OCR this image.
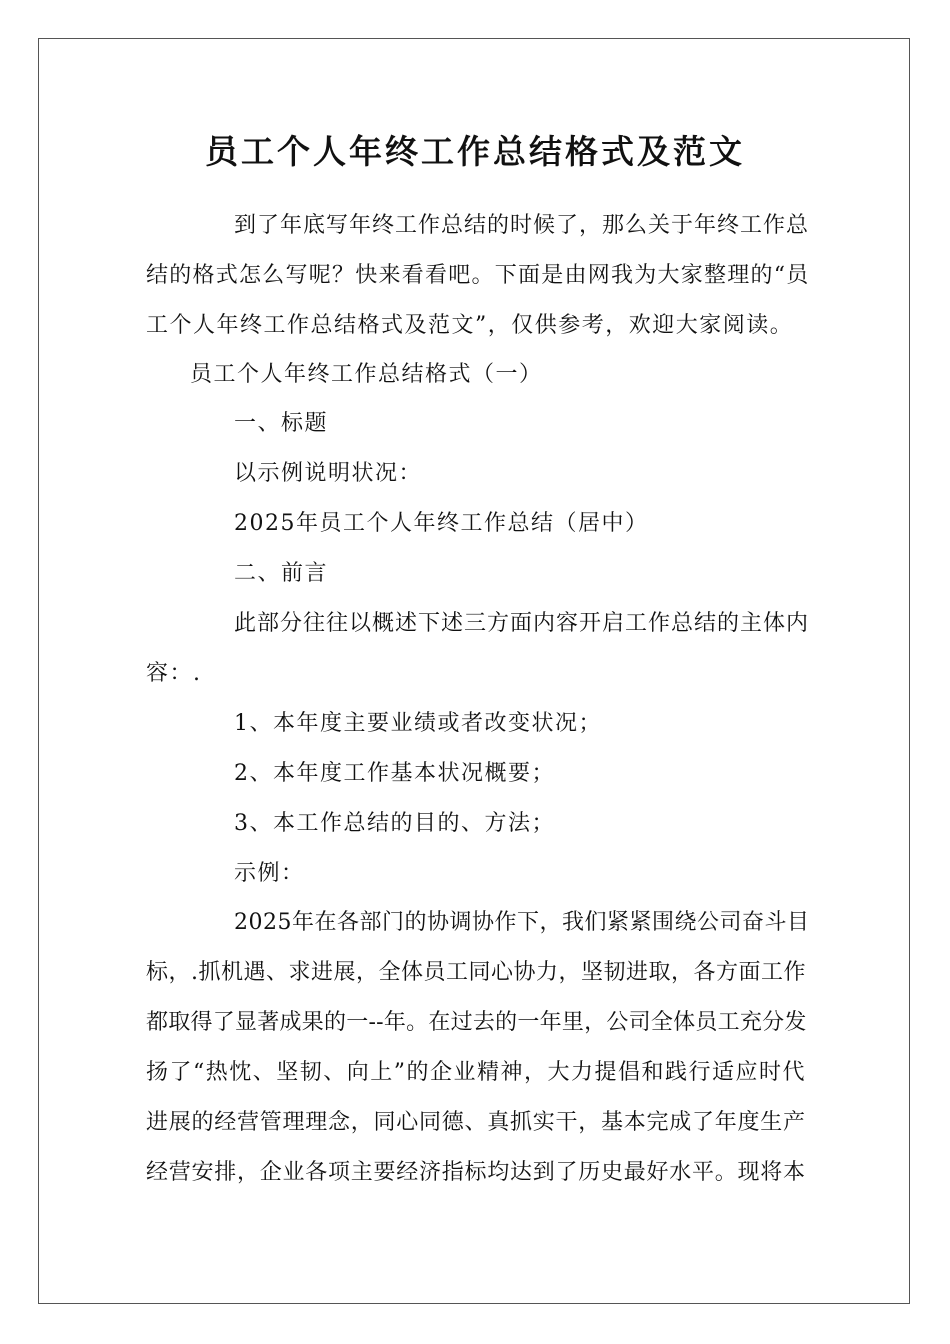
员工个人年终工作总结格式及范文

到了年底写年终工作总结的时候了，那么关于年终工作总

结的格式怎么写呢？快来看看吧。下面是由网我为大家整理的“员

工个人年终工作总结格式及范文”，仅供参考，欢迎大家阅读。

员工个人年终工作总结格式（一）

一、标题

以示例说明状况：

2025年员工个人年终工作总结（居中）

二、前言

此部分往往以概述下述三方面内容开启工作总结的主体内

容：.

1、本年度主要业绩或者改变状况；

2、本年度工作基本状况概要；

3、本工作总结的目的、方法；

示例：

2025年在各部门的协调协作下，我们紧紧围绕公司奋斗目

标，.抓机遇、求进展，全体员工同心协力，坚韧进取，各方面工作

都取得了显著成果的一--年。在过去的一年里，公司全体员工充分发

扬了“热忱、坚韧、向上”的企业精神，大力提倡和践行适应时代

进展的经营管理理念，同心同德、真抓实干，基本完成了年度生产

经营安排，企业各项主要经济指标均达到了历史最好水平。现将本
